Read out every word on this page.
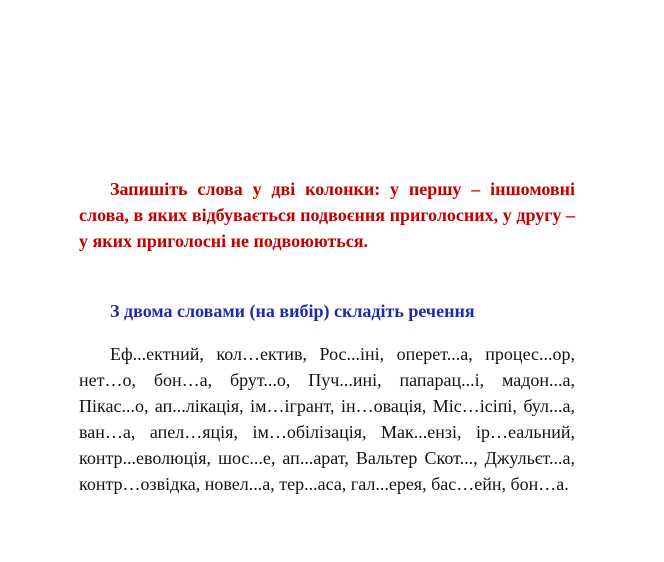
Запишіть слова у дві колонки: у першу – іншомовні слова, в яких відбувається подвоєння приголосних, у другу – у яких приголосні не подвоюються.

З двома словами (на вибір) складіть речення

Еф...ектний, кол…ектив, Рос...іні, оперет...а, процес...ор, нет…о, бон…а, брут...о, Пуч...ині, папарац...і, мадон...а, Пікас...о, ап...лікація, ім…ігрант, ін…овація, Міс…ісіпі, бул...а, ван…а, апел…яція, ім…обілізація, Мак...ензі, ір…еальний, контр...еволюція, шос...е, ап...арат, Вальтер Скот..., Джульєт...а, контр…озвідка, новел...а, тер...аса, гал...ерея, бас…ейн, бон…а.
